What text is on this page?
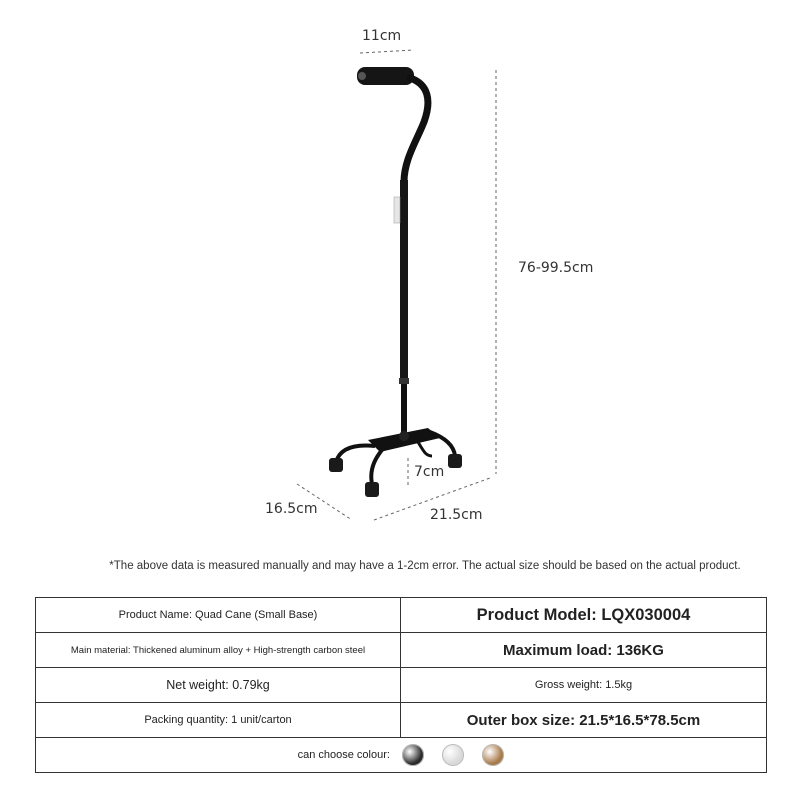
11cm
76-99.5cm
7cm
16.5cm	21.5cm
*The above data is measured manually and may have a 1-2cm error. The actual size should be based on the actual product.
Product Name: Quad Cane (Small Base)	Product Model: LQX030004
Main material: Thickened aluminum alloy + High-strength carbon steel	Maximum load: 136KG
Net weight: 0.79kg	Gross weight: 1.5kg
Packing quantity: 1 unit/carton	Outer box size: 21.5*16.5*78.5cm
can choose colour:	
